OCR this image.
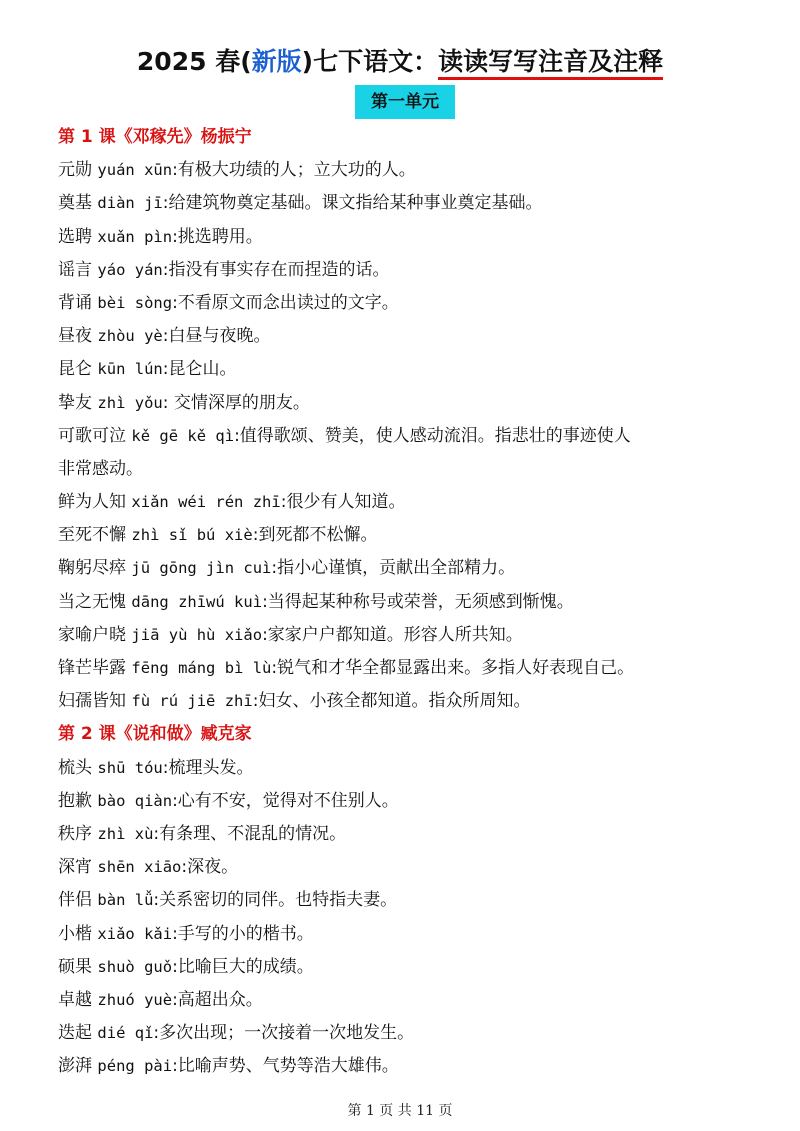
2025 春(新版)七下语文：读读写写注音及注释
第一单元
第 1 课《邓稼先》杨振宁
元勋 yuán xūn:有极大功绩的人；立大功的人。
奠基 diàn jī:给建筑物奠定基础。课文指给某种事业奠定基础。
选聘 xuǎn pìn:挑选聘用。
谣言 yáo yán:指没有事实存在而捏造的话。
背诵 bèi sòng:不看原文而念出读过的文字。
昼夜 zhòu yè:白昼与夜晚。
昆仑 kūn lún:昆仑山。
挚友 zhì yǒu: 交情深厚的朋友。
可歌可泣 kě gē kě qì:值得歌颂、赞美，使人感动流泪。指悲壮的事迹使人
非常感动。
鲜为人知 xiǎn wéi rén zhī:很少有人知道。
至死不懈 zhì sǐ bú xiè:到死都不松懈。
鞠躬尽瘁 jū gōng jìn cuì:指小心谨慎，贡献出全部精力。
当之无愧 dāng zhīwú kuì:当得起某种称号或荣誉，无须感到惭愧。
家喻户晓 jiā yù hù xiǎo:家家户户都知道。形容人所共知。
锋芒毕露 fēng máng bì lù:锐气和才华全都显露出来。多指人好表现自己。
妇孺皆知 fù rú jiē zhī:妇女、小孩全都知道。指众所周知。
第 2 课《说和做》臧克家
梳头 shū tóu:梳理头发。
抱歉 bào qiàn:心有不安，觉得对不住别人。
秩序 zhì xù:有条理、不混乱的情况。
深宵 shēn xiāo:深夜。
伴侣 bàn lǚ:关系密切的同伴。也特指夫妻。
小楷 xiǎo kǎi:手写的小的楷书。
硕果 shuò guǒ:比喻巨大的成绩。
卓越 zhuó yuè:高超出众。
迭起 dié qǐ:多次出现；一次接着一次地发生。
澎湃 péng pài:比喻声势、气势等浩大雄伟。
第 1 页 共 11 页
